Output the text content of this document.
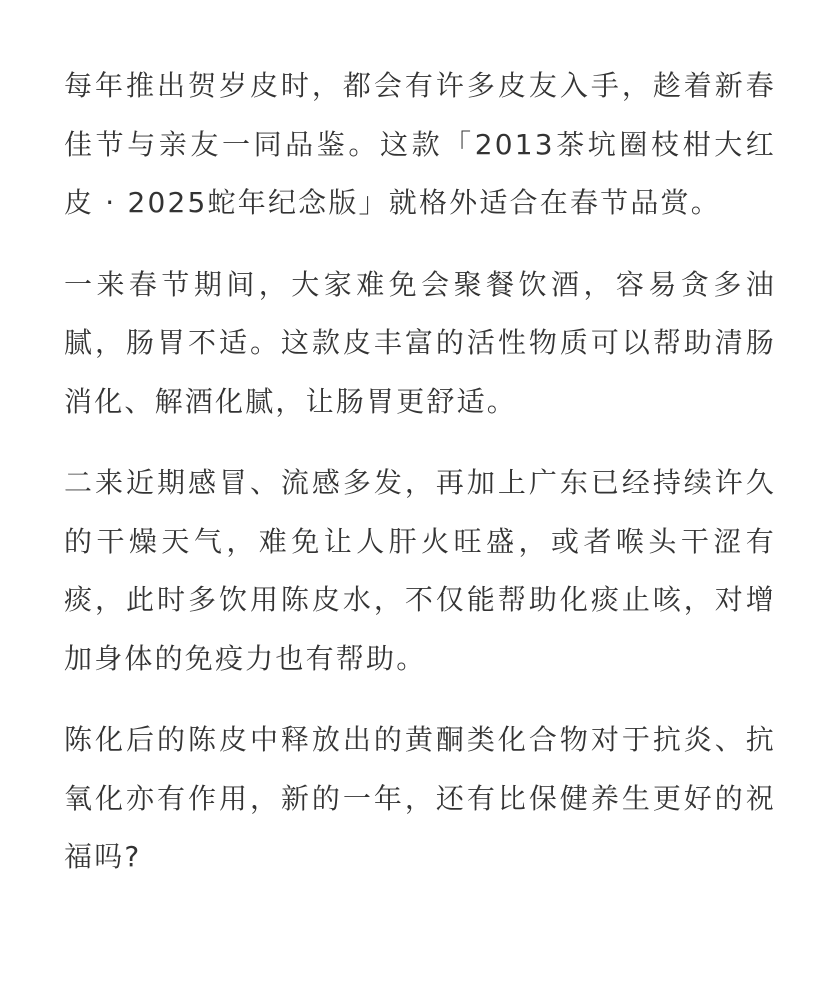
每年推出贺岁皮时，都会有许多皮友入手，趁着新春佳节与亲友一同品鉴。这款「2013茶坑圈枝柑大红皮 · 2025蛇年纪念版」就格外适合在春节品赏。

一来春节期间，大家难免会聚餐饮酒，容易贪多油腻，肠胃不适。这款皮丰富的活性物质可以帮助清肠消化、解酒化腻，让肠胃更舒适。

二来近期感冒、流感多发，再加上广东已经持续许久的干燥天气，难免让人肝火旺盛，或者喉头干涩有痰，此时多饮用陈皮水，不仅能帮助化痰止咳，对增加身体的免疫力也有帮助。

陈化后的陈皮中释放出的黄酮类化合物对于抗炎、抗氧化亦有作用，新的一年，还有比保健养生更好的祝福吗?
